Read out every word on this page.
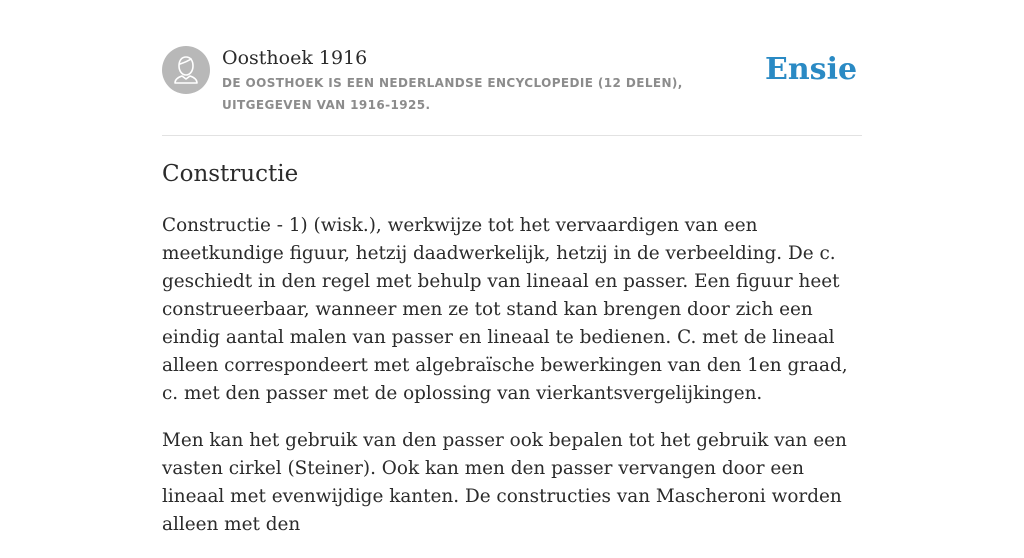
Oosthoek 1916
DE OOSTHOEK IS EEN NEDERLANDSE ENCYCLOPEDIE (12 DELEN), UITGEGEVEN VAN 1916-1925.
Ensie
Constructie

Constructie - 1) (wisk.), werkwijze tot het vervaardigen van een meetkundige figuur, hetzij daadwerkelijk, hetzij in de verbeelding. De c. geschiedt in den regel met behulp van lineaal en passer. Een figuur heet construeerbaar, wanneer men ze tot stand kan brengen door zich een eindig aantal malen van passer en lineaal te bedienen. C. met de lineaal alleen correspondeert met algebraïsche bewerkingen van den 1en graad, c. met den passer met de oplossing van vierkantsvergelijkingen.

Men kan het gebruik van den passer ook bepalen tot het gebruik van een vasten cirkel (Steiner). Ook kan men den passer vervangen door een lineaal met evenwijdige kanten. De constructies van Mascheroni worden alleen met den
